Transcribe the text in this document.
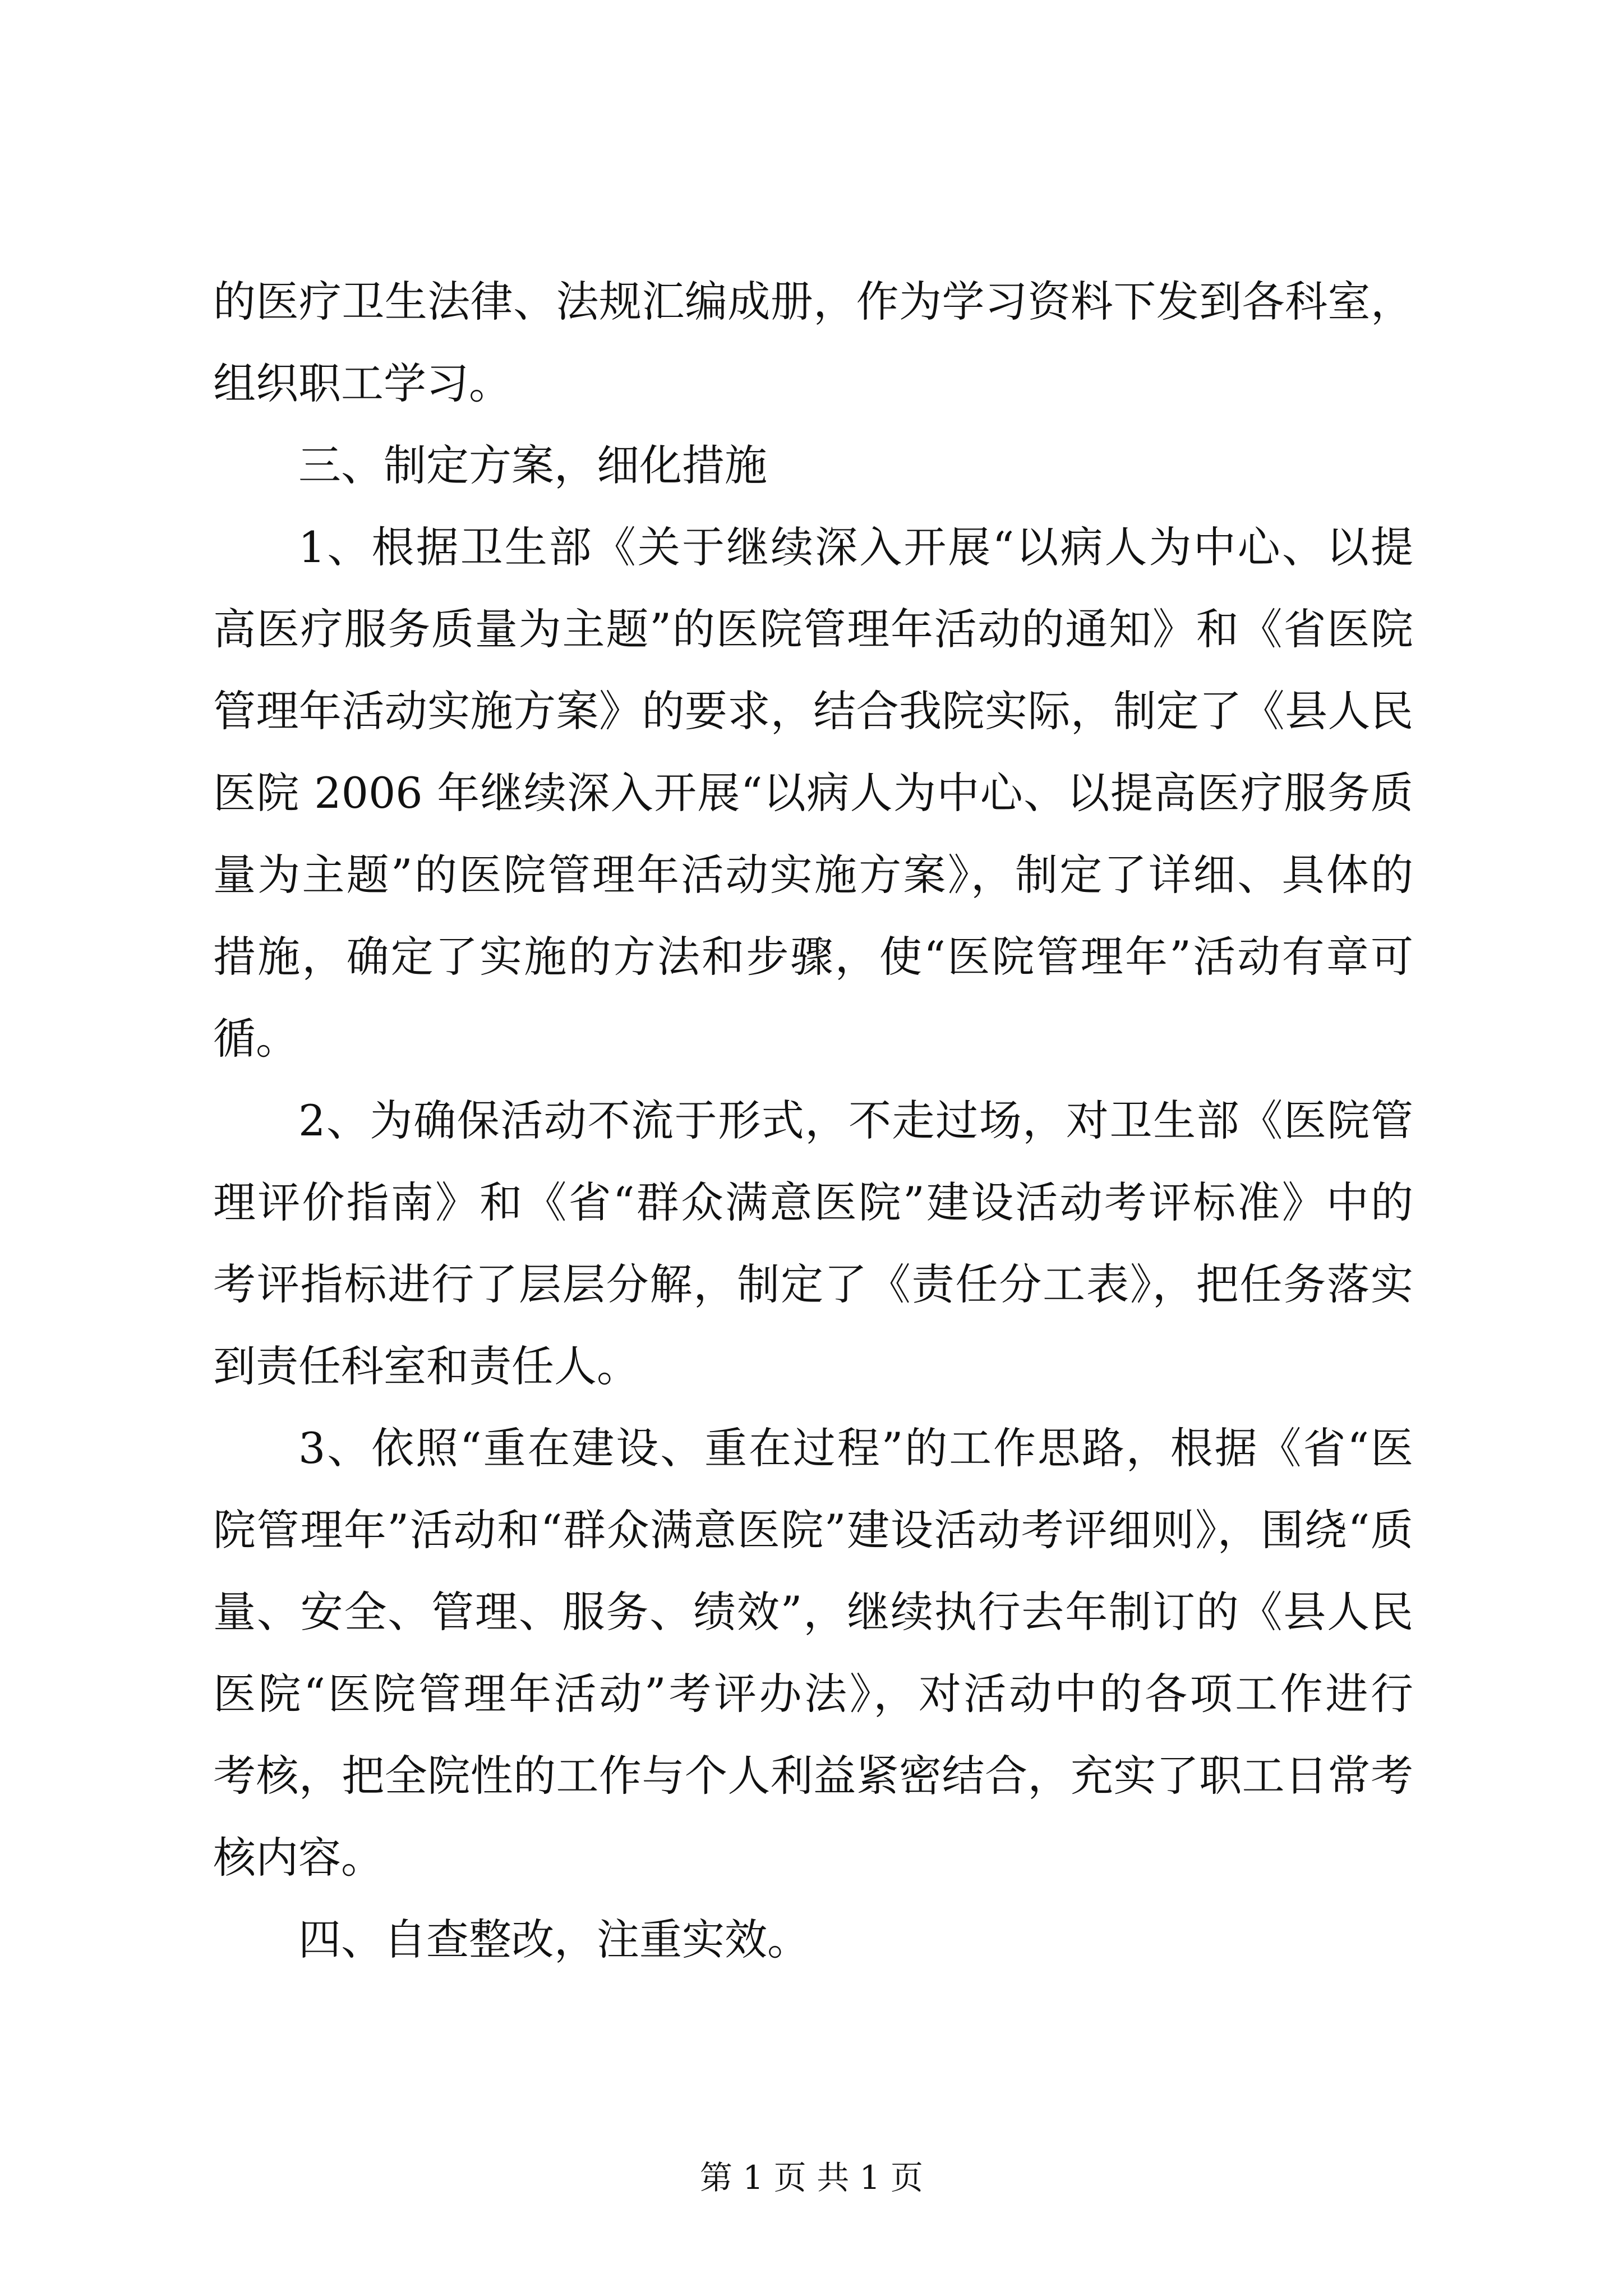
的医疗卫生法律、法规汇编成册，作为学习资料下发到各科室，
组织职工学习。
三、制定方案，细化措施
1、根据卫生部《关于继续深入开展“以病人为中心、以提
高医疗服务质量为主题”的医院管理年活动的通知》和《省医院
管理年活动实施方案》的要求，结合我院实际，制定了《县人民
医院 2006 年继续深入开展“以病人为中心、以提高医疗服务质
量为主题”的医院管理年活动实施方案》，制定了详细、具体的
措施，确定了实施的方法和步骤，使“医院管理年”活动有章可
循。
2、为确保活动不流于形式，不走过场，对卫生部《医院管
理评价指南》和《省“群众满意医院”建设活动考评标准》中的
考评指标进行了层层分解，制定了《责任分工表》，把任务落实
到责任科室和责任人。
3、依照“重在建设、重在过程”的工作思路，根据《省“医
院管理年”活动和“群众满意医院”建设活动考评细则》，围绕“质
量、安全、管理、服务、绩效”，继续执行去年制订的《县人民
医院“医院管理年活动”考评办法》，对活动中的各项工作进行
考核，把全院性的工作与个人利益紧密结合，充实了职工日常考
核内容。
四、自查整改，注重实效。
第 1 页 共 1 页
